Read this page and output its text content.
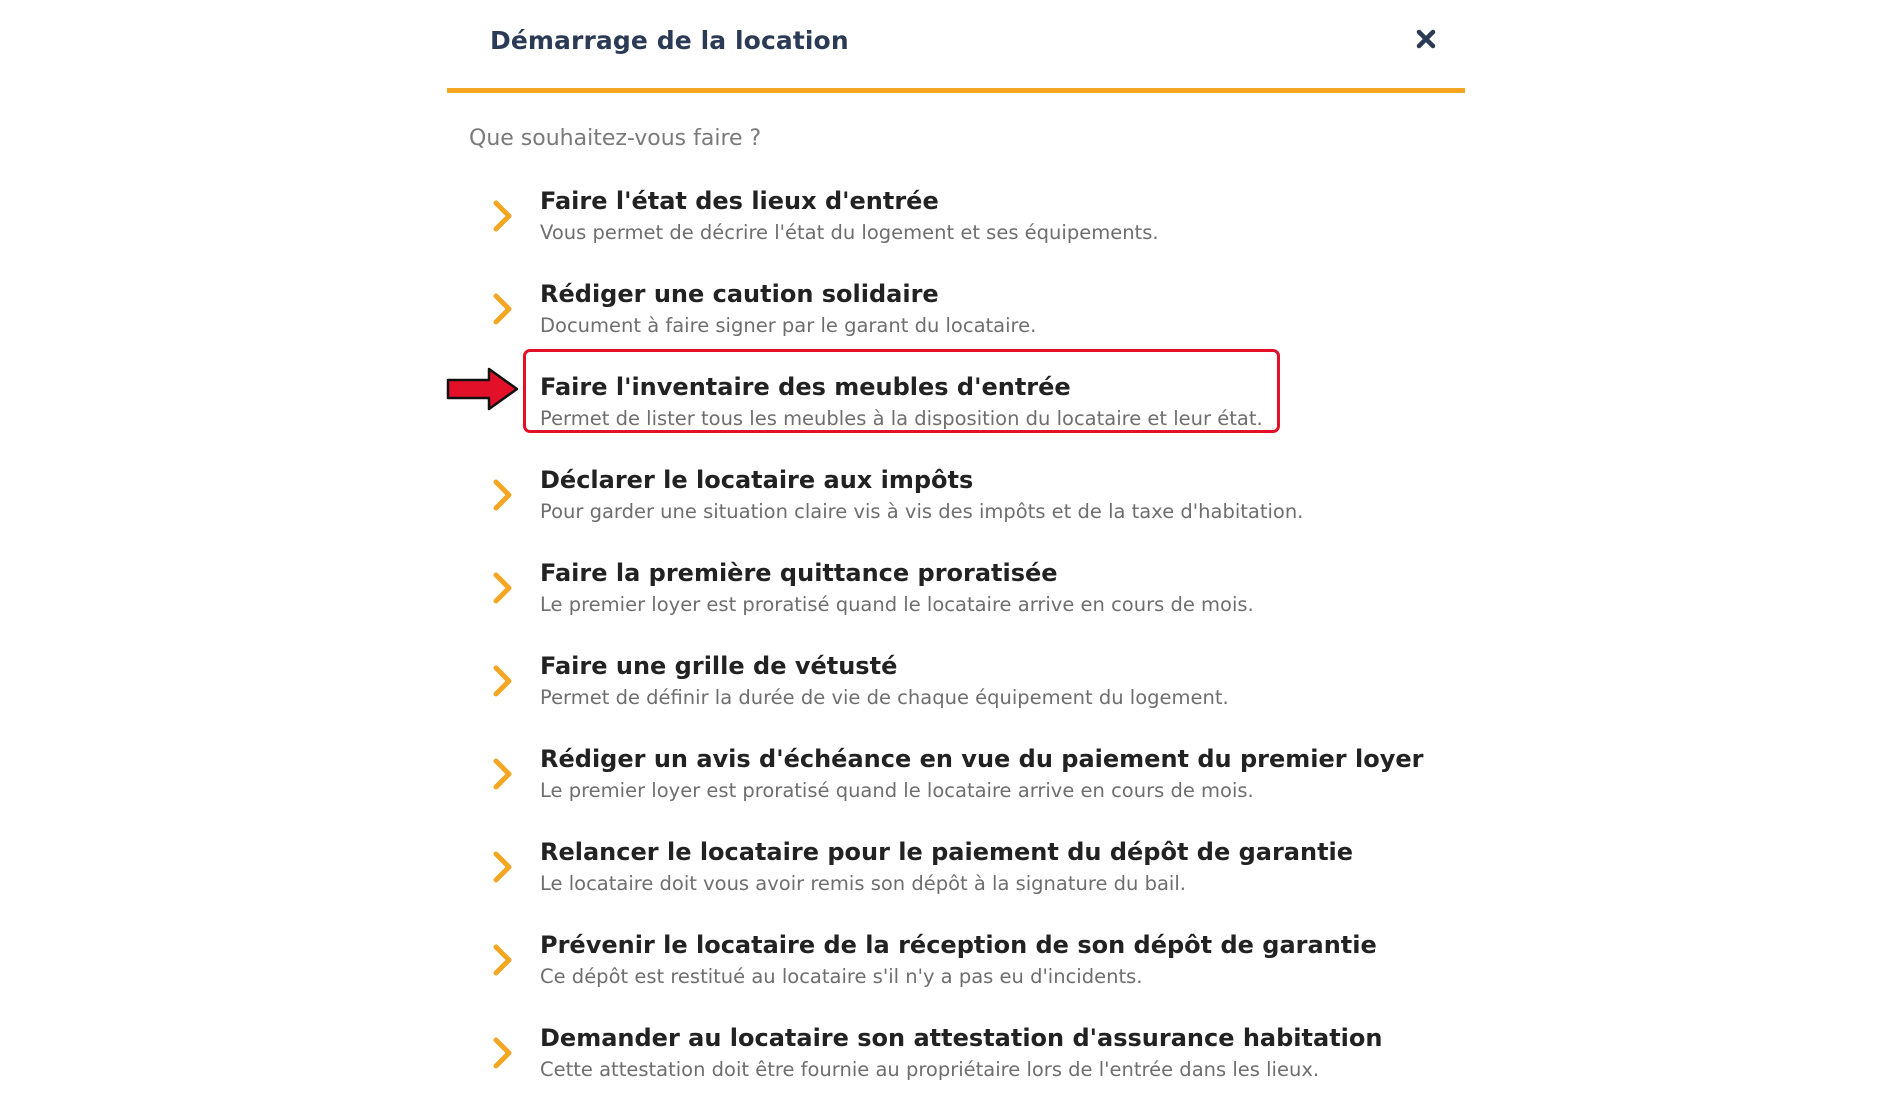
Démarrage de la location
Que souhaitez-vous faire ?
Faire l'état des lieux d'entrée
Vous permet de décrire l'état du logement et ses équipements.
Rédiger une caution solidaire
Document à faire signer par le garant du locataire.
Faire l'inventaire des meubles d'entrée
Permet de lister tous les meubles à la disposition du locataire et leur état.
Déclarer le locataire aux impôts
Pour garder une situation claire vis à vis des impôts et de la taxe d'habitation.
Faire la première quittance proratisée
Le premier loyer est proratisé quand le locataire arrive en cours de mois.
Faire une grille de vétusté
Permet de définir la durée de vie de chaque équipement du logement.
Rédiger un avis d'échéance en vue du paiement du premier loyer
Le premier loyer est proratisé quand le locataire arrive en cours de mois.
Relancer le locataire pour le paiement du dépôt de garantie
Le locataire doit vous avoir remis son dépôt à la signature du bail.
Prévenir le locataire de la réception de son dépôt de garantie
Ce dépôt est restitué au locataire s'il n'y a pas eu d'incidents.
Demander au locataire son attestation d'assurance habitation
Cette attestation doit être fournie au propriétaire lors de l'entrée dans les lieux.
